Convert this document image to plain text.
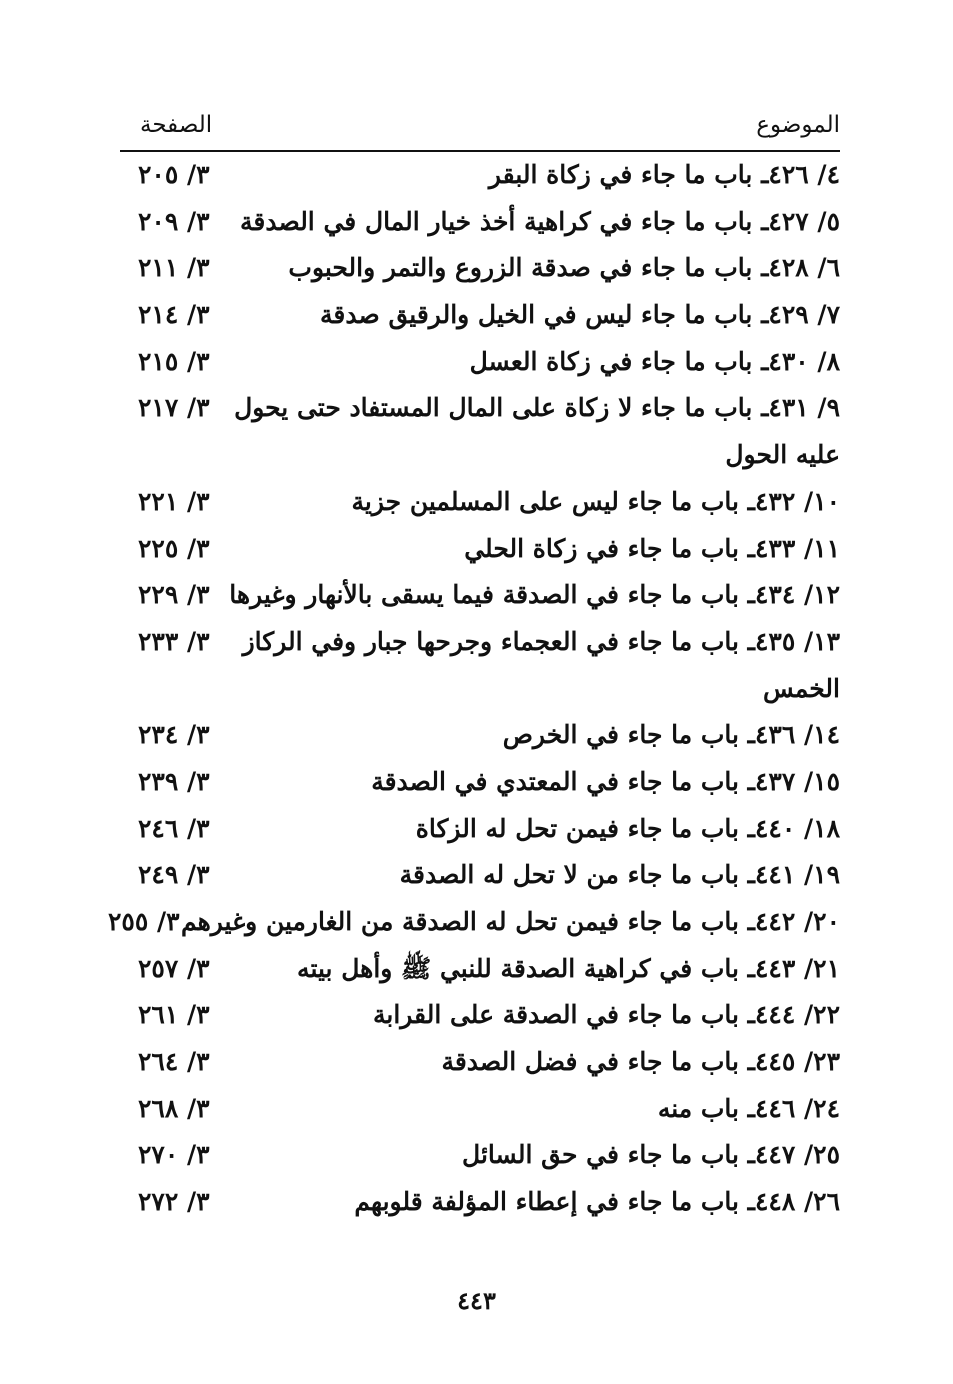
الموضوع
الصفحة
٤/ ٤٢٦ـ باب ما جاء في زكاة البقر
٣/ ٢٠٥
٥/ ٤٢٧ـ باب ما جاء في كراهية أخذ خيار المال في الصدقة
٣/ ٢٠٩
٦/ ٤٢٨ـ باب ما جاء في صدقة الزروع والتمر والحبوب
٣/ ٢١١
٧/ ٤٢٩ـ باب ما جاء ليس في الخيل والرقيق صدقة
٣/ ٢١٤
٨/ ٤٣٠ـ باب ما جاء في زكاة العسل
٣/ ٢١٥
٩/ ٤٣١ـ باب ما جاء لا زكاة على المال المستفاد حتى يحول
٣/ ٢١٧
عليه الحول
١٠/ ٤٣٢ـ باب ما جاء ليس على المسلمين جزية
٣/ ٢٢١
١١/ ٤٣٣ـ باب ما جاء في زكاة الحلي
٣/ ٢٢٥
١٢/ ٤٣٤ـ باب ما جاء في الصدقة فيما يسقى بالأنهار وغيرها
٣/ ٢٢٩
١٣/ ٤٣٥ـ باب ما جاء في العجماء وجرحها جبار وفي الركاز
٣/ ٢٣٣
الخمس
١٤/ ٤٣٦ـ باب ما جاء في الخرص
٣/ ٢٣٤
١٥/ ٤٣٧ـ باب ما جاء في المعتدي في الصدقة
٣/ ٢٣٩
١٨/ ٤٤٠ـ باب ما جاء فيمن تحل له الزكاة
٣/ ٢٤٦
١٩/ ٤٤١ـ باب ما جاء من لا تحل له الصدقة
٣/ ٢٤٩
٢٠/ ٤٤٢ـ باب ما جاء فيمن تحل له الصدقة من الغارمين وغيرهم
٣/ ٢٥٥
٢١/ ٤٤٣ـ باب في كراهية الصدقة للنبي ﷺ وأهل بيته
٣/ ٢٥٧
٢٢/ ٤٤٤ـ باب ما جاء في الصدقة على القرابة
٣/ ٢٦١
٢٣/ ٤٤٥ـ باب ما جاء في فضل الصدقة
٣/ ٢٦٤
٢٤/ ٤٤٦ـ باب منه
٣/ ٢٦٨
٢٥/ ٤٤٧ـ باب ما جاء في حق السائل
٣/ ٢٧٠
٢٦/ ٤٤٨ـ باب ما جاء في إعطاء المؤلفة قلوبهم
٣/ ٢٧٢
٤٤٣
